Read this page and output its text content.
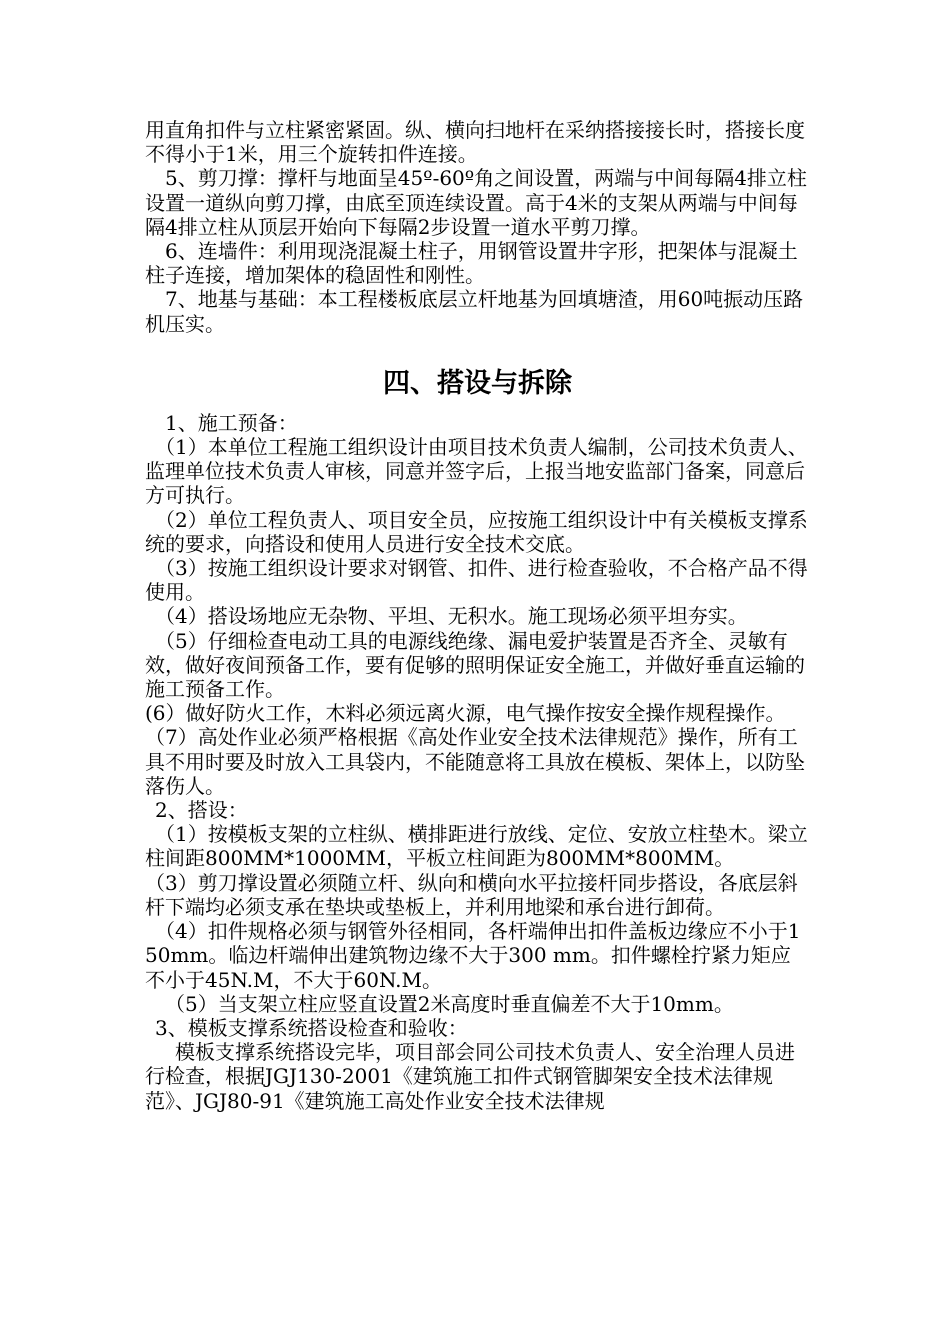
用直角扣件与立柱紧密紧固。纵、横向扫地杆在采纳搭接接长时，搭接长度不得小于1米，用三个旋转扣件连接。

5、剪刀撑：撑杆与地面呈45º-60º角之间设置，两端与中间每隔4排立柱设置一道纵向剪刀撑，由底至顶连续设置。高于4米的支架从两端与中间每隔4排立柱从顶层开始向下每隔2步设置一道水平剪刀撑。

6、连墙件：利用现浇混凝土柱子，用钢管设置井字形，把架体与混凝土柱子连接，增加架体的稳固性和刚性。

7、地基与基础：本工程楼板底层立杆地基为回填塘渣，用60吨振动压路机压实。

四、搭设与拆除

1、施工预备：

（1）本单位工程施工组织设计由项目技术负责人编制，公司技术负责人、监理单位技术负责人审核，同意并签字后，上报当地安监部门备案，同意后方可执行。

（2）单位工程负责人、项目安全员，应按施工组织设计中有关模板支撑系统的要求，向搭设和使用人员进行安全技术交底。

（3）按施工组织设计要求对钢管、扣件、进行检查验收，不合格产品不得使用。

（4）搭设场地应无杂物、平坦、无积水。施工现场必须平坦夯实。

（5）仔细检查电动工具的电源线绝缘、漏电爱护装置是否齐全、灵敏有效，做好夜间预备工作，要有促够的照明保证安全施工，并做好垂直运输的施工预备工作。

(6）做好防火工作，木料必须远离火源，电气操作按安全操作规程操作。

（7）高处作业必须严格根据《高处作业安全技术法律规范》操作，所有工具不用时要及时放入工具袋内，不能随意将工具放在模板、架体上，以防坠落伤人。

2、搭设：

（1）按模板支架的立柱纵、横排距进行放线、定位、安放立柱垫木。梁立柱间距800MM*1000MM，平板立柱间距为800MM*800MM。

（3）剪刀撑设置必须随立杆、纵向和横向水平拉接杆同步搭设，各底层斜杆下端均必须支承在垫块或垫板上，并利用地梁和承台进行卸荷。

（4）扣件规格必须与钢管外径相同，各杆端伸出扣件盖板边缘应不小于150mm。临边杆端伸出建筑物边缘不大于300 mm。扣件螺栓拧紧力矩应不小于45N.M，不大于60N.M。

（5）当支架立柱应竖直设置2米高度时垂直偏差不大于10mm。

3、模板支撑系统搭设检查和验收：

模板支撑系统搭设完毕，项目部会同公司技术负责人、安全治理人员进行检查，根据JGJ130-2001《建筑施工扣件式钢管脚架安全技术法律规范》、JGJ80-91《建筑施工高处作业安全技术法律规
